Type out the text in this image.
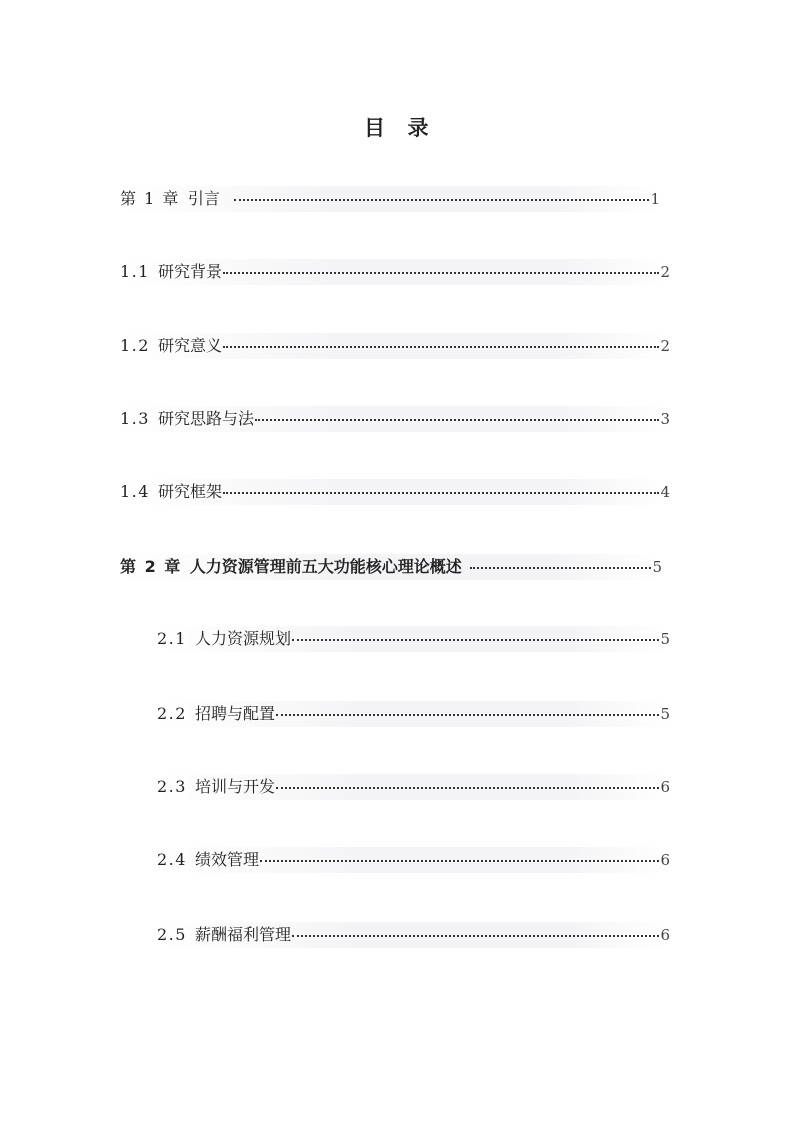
目 录
第 1 章 引言	1
1.1 研究背景	2
1.2 研究意义	2
1.3 研究思路与法	3
1.4 研究框架	4
第 2 章 人力资源管理前五大功能核心理论概述	5
2.1 人力资源规划	5
2.2 招聘与配置	5
2.3 培训与开发	6
2.4 绩效管理	6
2.5 薪酬福利管理	6
